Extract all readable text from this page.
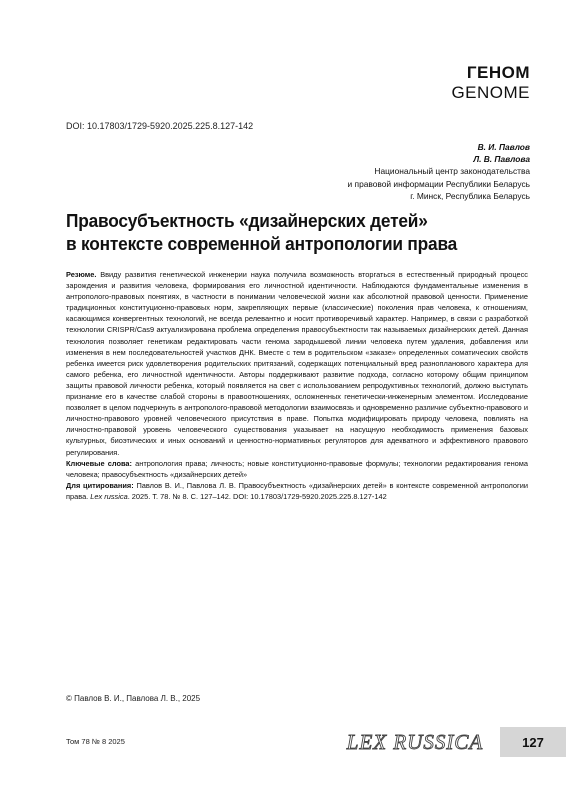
ГЕНОМ
GENOME
DOI: 10.17803/1729-5920.2025.225.8.127-142
В. И. Павлов
Л. В. Павлова
Национальный центр законодательства
и правовой информации Республики Беларусь
г. Минск, Республика Беларусь
Правосубъектность «дизайнерских детей»
в контексте современной антропологии права

Резюме. Ввиду развития генетической инженерии наука получила возможность вторгаться в естественный природный процесс зарождения и развития человека, формирования его личностной идентичности. Наблюдаются фундаментальные изменения в антрополого-правовых понятиях, в частности в понимании человеческой жизни как абсолютной правовой ценности. Применение традиционных конституционно-правовых норм, закрепляющих первые (классические) поколения прав человека, к отношениям, касающимся конвергентных технологий, не всегда релевантно и носит противоречивый характер. Например, в связи с разработкой технологии CRISPR/Cas9 актуализирована проблема определения правосубъектности так называемых дизайнерских детей. Данная технология позволяет генетикам редактировать части генома зародышевой линии человека путем удаления, добавления или изменения в нем последовательностей участков ДНК. Вместе с тем в родительском «заказе» определенных соматических свойств ребенка имеется риск удовлетворения родительских притязаний, содержащих потенциальный вред разнопланового характера для самого ребенка, его личностной идентичности. Авторы поддерживают развитие подхода, согласно которому общим принципом защиты правовой личности ребенка, который появляется на свет с использованием репродуктивных технологий, должно выступать признание его в качестве слабой стороны в правоотношениях, осложненных генетически-инженерным элементом. Исследование позволяет в целом подчеркнуть в антрополого-правовой методологии взаимосвязь и одновременно различие субъектно-правового и личностно-правового уровней человеческого присутствия в праве. Попытка модифицировать природу человека, повлиять на личностно-правовой уровень человеческого существования указывает на насущную необходимость применения базовых культурных, биоэтических и иных оснований и ценностно-нормативных регуляторов для адекватного и эффективного правового регулирования.

Ключевые слова: антропология права; личность; новые конституционно-правовые формулы; технологии редактирования генома человека; правосубъектность «дизайнерских детей»

Для цитирования: Павлов В. И., Павлова Л. В. Правосубъектность «дизайнерских детей» в контексте современной антропологии права. Lex russica. 2025. Т. 78. № 8. С. 127–142. DOI: 10.17803/1729-5920.2025.225.8.127-142

© Павлов В. И., Павлова Л. В., 2025
Том 78 № 8 2025	LEX RUSSICA	127
